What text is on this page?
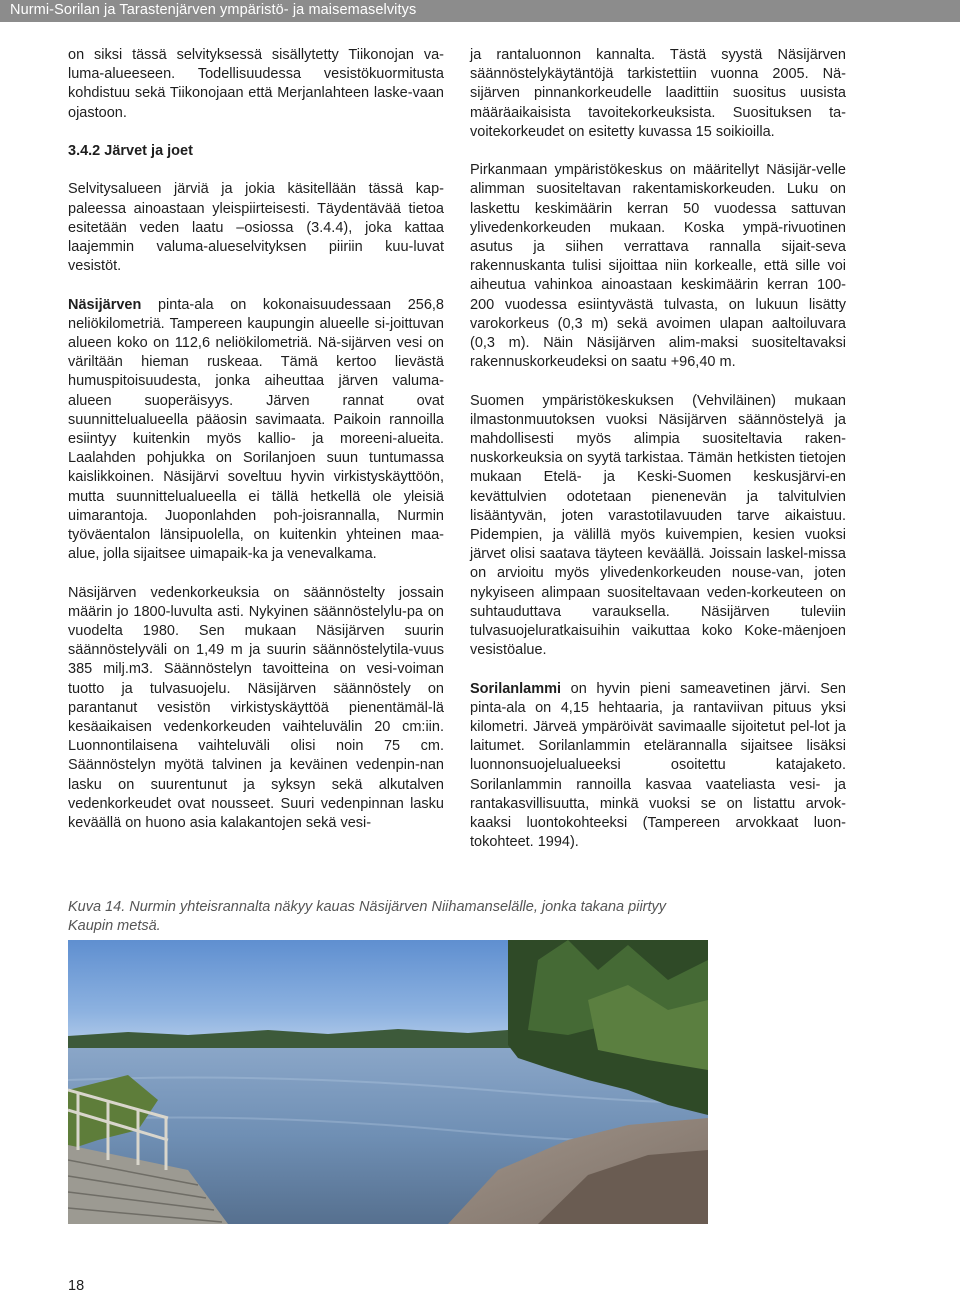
Nurmi-Sorilan ja Tarastenjärven ympäristö- ja maisemaselvitys

on siksi tässä selvityksessä sisällytetty Tiikonojan va-luma-alueeseen. Todellisuudessa vesistökuormitusta kohdistuu sekä Tiikonojaan että Merjanlahteen laske-vaan ojastoon.

3.4.2 Järvet ja joet

Selvitysalueen järviä ja jokia käsitellään tässä kap-paleessa ainoastaan yleispiirteisesti. Täydentävää tietoa esitetään veden laatu –osiossa (3.4.4), joka kattaa laajemmin valuma-alueselvityksen piiriin kuu-luvat vesistöt.

Näsijärven pinta-ala on kokonaisuudessaan 256,8 neliökilometriä. Tampereen kaupungin alueelle si-joittuvan alueen koko on 112,6 neliökilometriä. Nä-sijärven vesi on väriltään hieman ruskeaa. Tämä kertoo lievästä humuspitoisuudesta, jonka aiheuttaa järven valuma-alueen suoperäisyys. Järven rannat ovat suunnittelualueella pääosin savimaata. Paikoin rannoilla esiintyy kuitenkin myös kallio- ja moreeni-alueita. Laalahden pohjukka on Sorilanjoen suun tuntumassa kaislikkoinen. Näsijärvi soveltuu hyvin virkistyskäyttöön, mutta suunnittelualueella ei tällä hetkellä ole yleisiä uimarantoja. Juoponlahden poh-joisrannalla, Nurmin työväentalon länsipuolella, on kuitenkin yhteinen maa-alue, jolla sijaitsee uimapaik-ka ja venevalkama.

Näsijärven vedenkorkeuksia on säännöstelty jossain määrin jo 1800-luvulta asti. Nykyinen säännöstelylu-pa on vuodelta 1980. Sen mukaan Näsijärven suurin säännöstelyväli on 1,49 m ja suurin säännöstelytila-vuus 385 milj.m3. Säännöstelyn tavoitteina on vesi-voiman tuotto ja tulvasuojelu. Näsijärven säännöstely on parantanut vesistön virkistyskäyttöä pienentämäl-lä kesäaikaisen vedenkorkeuden vaihteluvälin 20 cm:iin. Luonnontilaisena vaihteluväli olisi noin 75 cm. Säännöstelyn myötä talvinen ja keväinen vedenpin-nan lasku on suurentunut ja syksyn sekä alkutalven vedenkorkeudet ovat nousseet. Suuri vedenpinnan lasku keväällä on huono asia kalakantojen sekä vesi-

ja rantaluonnon kannalta. Tästä syystä Näsijärven säännöstelykäytäntöjä tarkistettiin vuonna 2005. Nä-sijärven pinnankorkeudelle laadittiin suositus uusista määräaikaisista tavoitekorkeuksista. Suosituksen ta-voitekorkeudet on esitetty kuvassa 15 soikioilla.

Pirkanmaan ympäristökeskus on määritellyt Näsijär-velle alimman suositeltavan rakentamiskorkeuden. Luku on laskettu keskimäärin kerran 50 vuodessa sattuvan ylivedenkorkeuden mukaan. Koska ympä-rivuotinen asutus ja siihen verrattava rannalla sijait-seva rakennuskanta tulisi sijoittaa niin korkealle, että sille voi aiheutua vahinkoa ainoastaan keskimäärin kerran 100-200 vuodessa esiintyvästä tulvasta, on lukuun lisätty varokorkeus (0,3 m) sekä avoimen ulapan aaltoiluvara (0,3 m). Näin Näsijärven alim-maksi suositeltavaksi rakennuskorkeudeksi on saatu +96,40 m.

Suomen ympäristökeskuksen (Vehviläinen) mukaan ilmastonmuutoksen vuoksi Näsijärven säännöstelyä ja mahdollisesti myös alimpia suositeltavia raken-nuskorkeuksia on syytä tarkistaa. Tämän hetkisten tietojen mukaan Etelä- ja Keski-Suomen keskusjärvi-en kevättulvien odotetaan pienenevän ja talvitulvien lisääntyvän, joten varastotilavuuden tarve aikaistuu. Pidempien, ja välillä myös kuivempien, kesien vuoksi järvet olisi saatava täyteen keväällä. Joissain laskel-missa on arvioitu myös ylivedenkorkeuden nouse-van, joten nykyiseen alimpaan suositeltavaan veden-korkeuteen on suhtauduttava varauksella. Näsijärven tuleviin tulvasuojeluratkaisuihin vaikuttaa koko Koke-mäenjoen vesistöalue.

Sorilanlammi on hyvin pieni sameavetinen järvi. Sen pinta-ala on 4,15 hehtaaria, ja rantaviivan pituus yksi kilometri. Järveä ympäröivät savimaalle sijoitetut pel-lot ja laitumet. Sorilanlammin etelärannalla sijaitsee lisäksi luonnonsuojelualueeksi osoitettu katajaketo. Sorilanlammin rannoilla kasvaa vaateliasta vesi- ja rantakasvillisuutta, minkä vuoksi se on listattu arvok-kaaksi luontokohteeksi (Tampereen arvokkaat luon-tokohteet. 1994).

Kuva 14. Nurmin yhteisrannalta näkyy kauas Näsijärven Niihamanselälle, jonka takana piirtyy Kaupin metsä.
18
